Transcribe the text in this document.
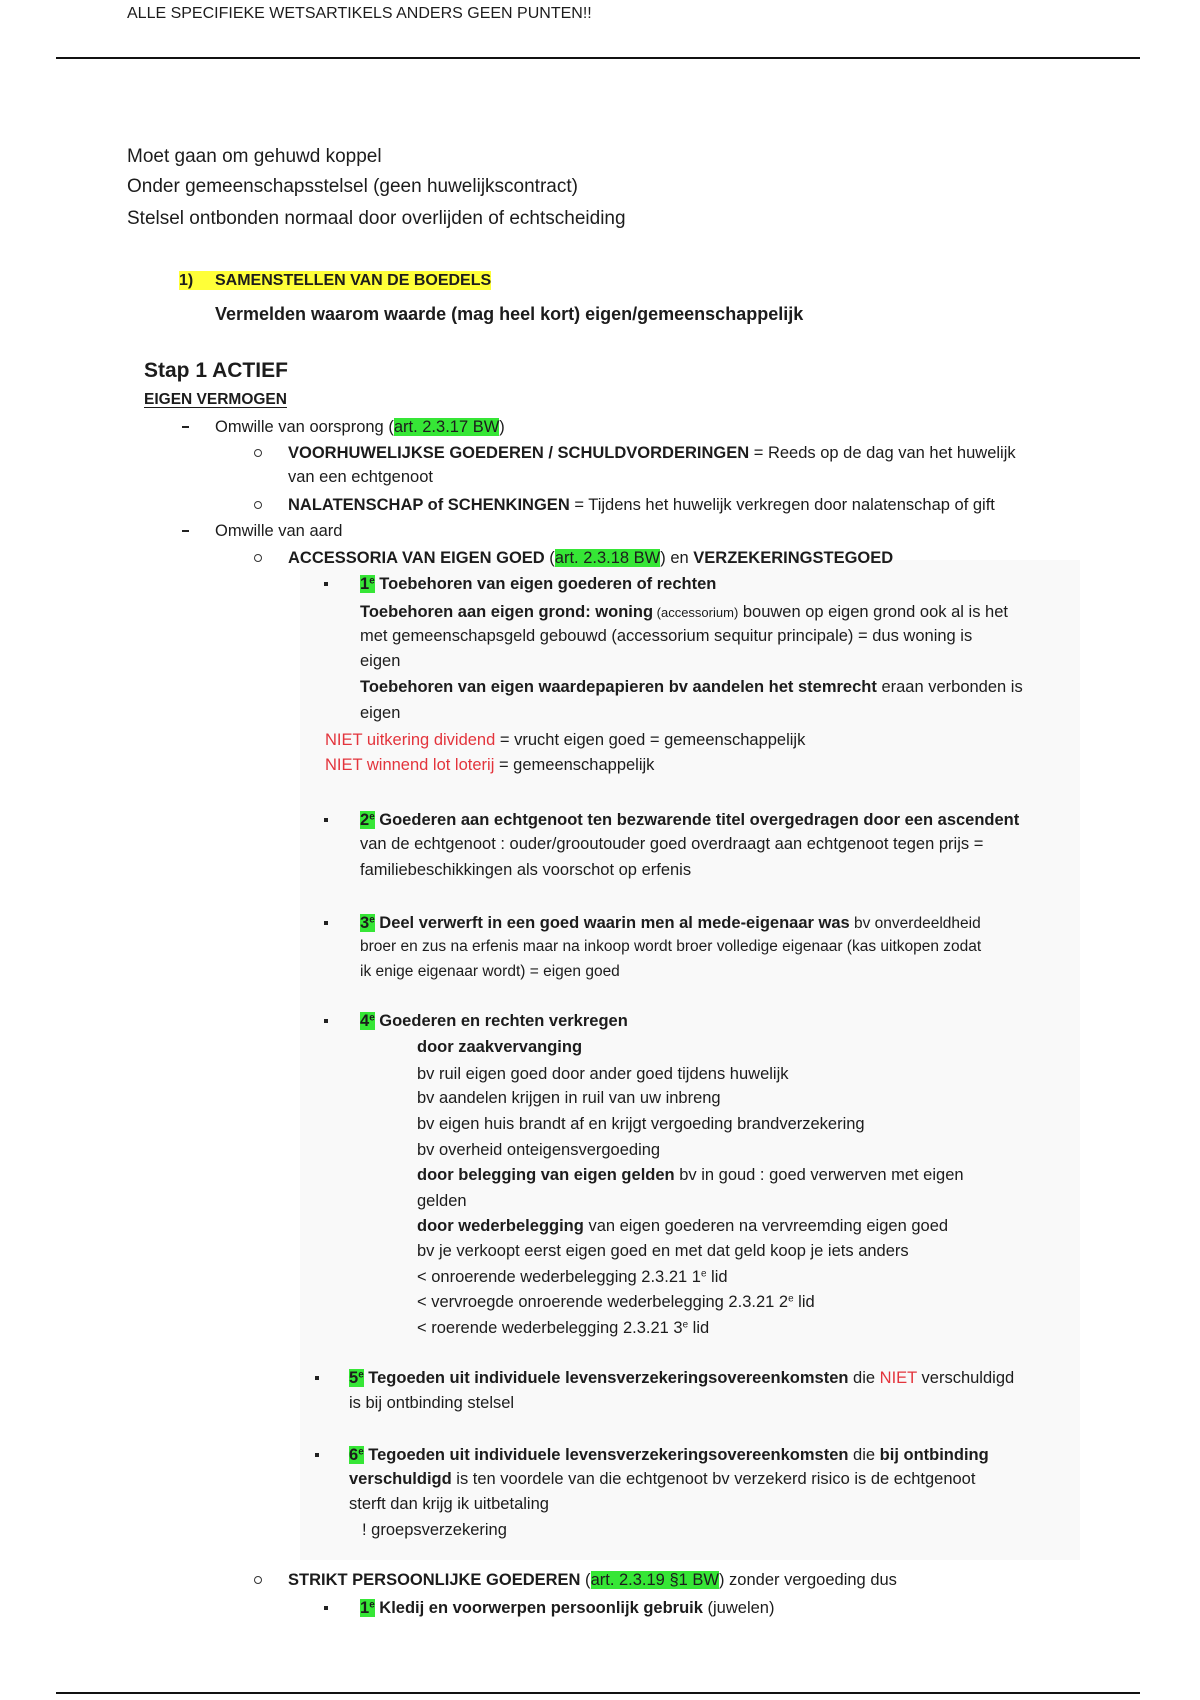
ALLE SPECIFIEKE WETSARTIKELS ANDERS GEEN PUNTEN!!
Moet gaan om gehuwd koppel
Onder gemeenschapsstelsel (geen huwelijkscontract)
Stelsel ontbonden normaal door overlijden of echtscheiding
1) SAMENSTELLEN VAN DE BOEDELS
Vermelden waarom waarde (mag heel kort) eigen/gemeenschappelijk
Stap 1 ACTIEF
EIGEN VERMOGEN
Omwille van oorsprong (art. 2.3.17 BW)
VOORHUWELIJKSE GOEDEREN / SCHULDVORDERINGEN = Reeds op de dag van het huwelijk
van een echtgenoot
NALATENSCHAP of SCHENKINGEN = Tijdens het huwelijk verkregen door nalatenschap of gift
Omwille van aard
ACCESSORIA VAN EIGEN GOED (art. 2.3.18 BW) en VERZEKERINGSTEGOED
1e Toebehoren van eigen goederen of rechten
Toebehoren aan eigen grond: woning (accessorium) bouwen op eigen grond ook al is het
met gemeenschapsgeld gebouwd (accessorium sequitur principale) = dus woning is
eigen
Toebehoren van eigen waardepapieren bv aandelen het stemrecht eraan verbonden is
eigen
NIET uitkering dividend = vrucht eigen goed = gemeenschappelijk
NIET winnend lot loterij = gemeenschappelijk
2e Goederen aan echtgenoot ten bezwarende titel overgedragen door een ascendent
van de echtgenoot : ouder/grooutouder goed overdraagt aan echtgenoot tegen prijs =
familiebeschikkingen als voorschot op erfenis
3e Deel verwerft in een goed waarin men al mede-eigenaar was bv onverdeeldheid
broer en zus na erfenis maar na inkoop wordt broer volledige eigenaar (kas uitkopen zodat
ik enige eigenaar wordt) = eigen goed
4e Goederen en rechten verkregen
door zaakvervanging
bv ruil eigen goed door ander goed tijdens huwelijk
bv aandelen krijgen in ruil van uw inbreng
bv eigen huis brandt af en krijgt vergoeding brandverzekering
bv overheid onteigensvergoeding
door belegging van eigen gelden bv in goud : goed verwerven met eigen
gelden
door wederbelegging van eigen goederen na vervreemding eigen goed
bv je verkoopt eerst eigen goed en met dat geld koop je iets anders
< onroerende wederbelegging 2.3.21 1e lid
< vervroegde onroerende wederbelegging 2.3.21 2e lid
< roerende wederbelegging 2.3.21 3e lid
5e Tegoeden uit individuele levensverzekeringsovereenkomsten die NIET verschuldigd
is bij ontbinding stelsel
6e Tegoeden uit individuele levensverzekeringsovereenkomsten die bij ontbinding
verschuldigd is ten voordele van die echtgenoot bv verzekerd risico is de echtgenoot
sterft dan krijg ik uitbetaling
! groepsverzekering
STRIKT PERSOONLIJKE GOEDEREN (art. 2.3.19 §1 BW) zonder vergoeding dus
1e Kledij en voorwerpen persoonlijk gebruik (juwelen)
